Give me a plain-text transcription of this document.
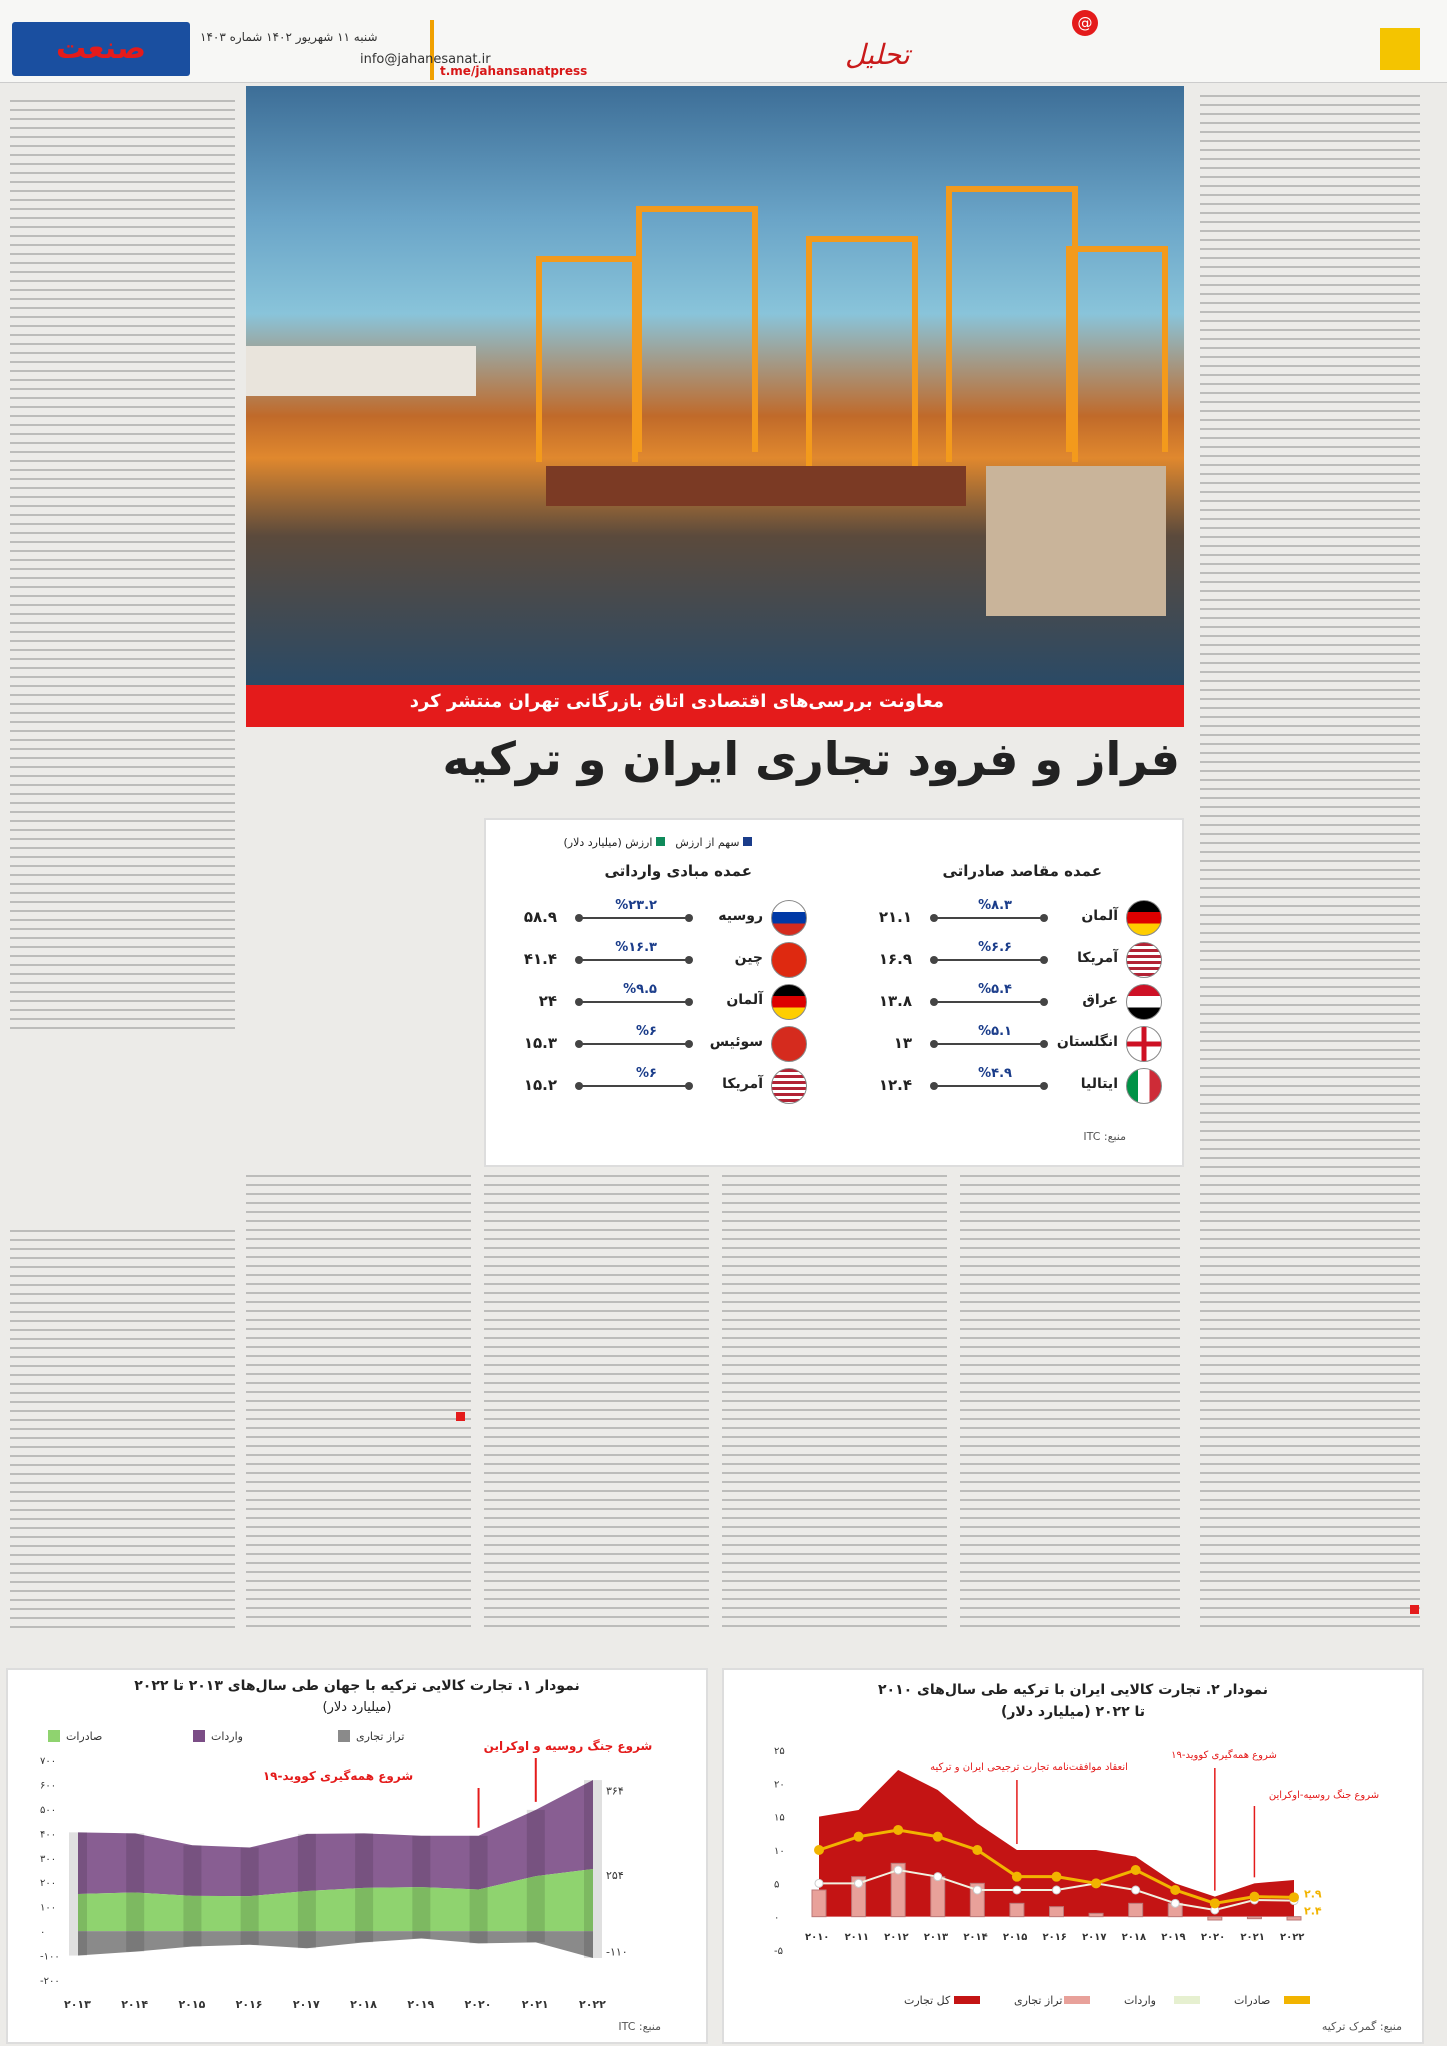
صنعت	شنبه ۱۱ شهریور ۱۴۰۲ شماره ۱۴۰۳
info@jahanesanat.ir
t.me/jahansanatpress	تحلیل
@
معاونت بررسی‌های اقتصادی اتاق بازرگانی تهران منتشر کرد
فراز و فرود تجاری ایران و ترکیه
عمده مقاصد صادراتی
عمده مبادی وارداتی
سهم از ارزش    ارزش (میلیارد دلار)
آلمان
%۸.۳
۲۱.۱
آمریکا
%۶.۶
۱۶.۹
عراق
%۵.۴
۱۳.۸
انگلستان
%۵.۱
۱۳
ایتالیا
%۴.۹
۱۲.۴
روسیه
%۲۳.۲
۵۸.۹
چین
%۱۶.۳
۴۱.۴
آلمان
%۹.۵
۲۴
سوئیس
%۶
۱۵.۳
آمریکا
%۶
۱۵.۲
منبع: ITC
نمودار ۱. تجارت کالایی ترکیه با جهان طی سال‌های ۲۰۱۳ تا ۲۰۲۲
(میلیارد دلار)
صادرات	واردات	تراز تجاری
۷۰۰
۶۰۰
۵۰۰
۴۰۰
۳۰۰
۲۰۰
۱۰۰
۰
-۱۰۰
-۲۰۰
۲۰۱۳	۲۰۱۴	۲۰۱۵	۲۰۱۶	۲۰۱۷	۲۰۱۸	۲۰۱۹	۲۰۲۰	۲۰۲۱	۲۰۲۲
۳۶۴
۲۵۴
-۱۱۰
شروع همه‌گیری کووید-۱۹
شروع جنگ روسیه و اوکراین
منبع: ITC
نمودار ۲. تجارت کالایی ایران با ترکیه طی سال‌های ۲۰۱۰
تا ۲۰۲۲ (میلیارد دلار)
۲۵
۲۰
۱۵
۱۰
۵
۰
-۵
۲۰۱۰ ۲۰۱۱ ۲۰۱۲ ۲۰۱۳ ۲۰۱۴ ۲۰۱۵ ۲۰۱۶ ۲۰۱۷ ۲۰۱۸ ۲۰۱۹ ۲۰۲۰ ۲۰۲۱ ۲۰۲۲
۲.۹
۲.۴
انعقاد موافقت‌نامه تجارت ترجیحی ایران و ترکیه
شروع همه‌گیری کووید-۱۹
شروع جنگ روسیه-اوکراین
صادرات
واردات
تراز تجاری
کل تجارت
منبع: گمرک ترکیه
